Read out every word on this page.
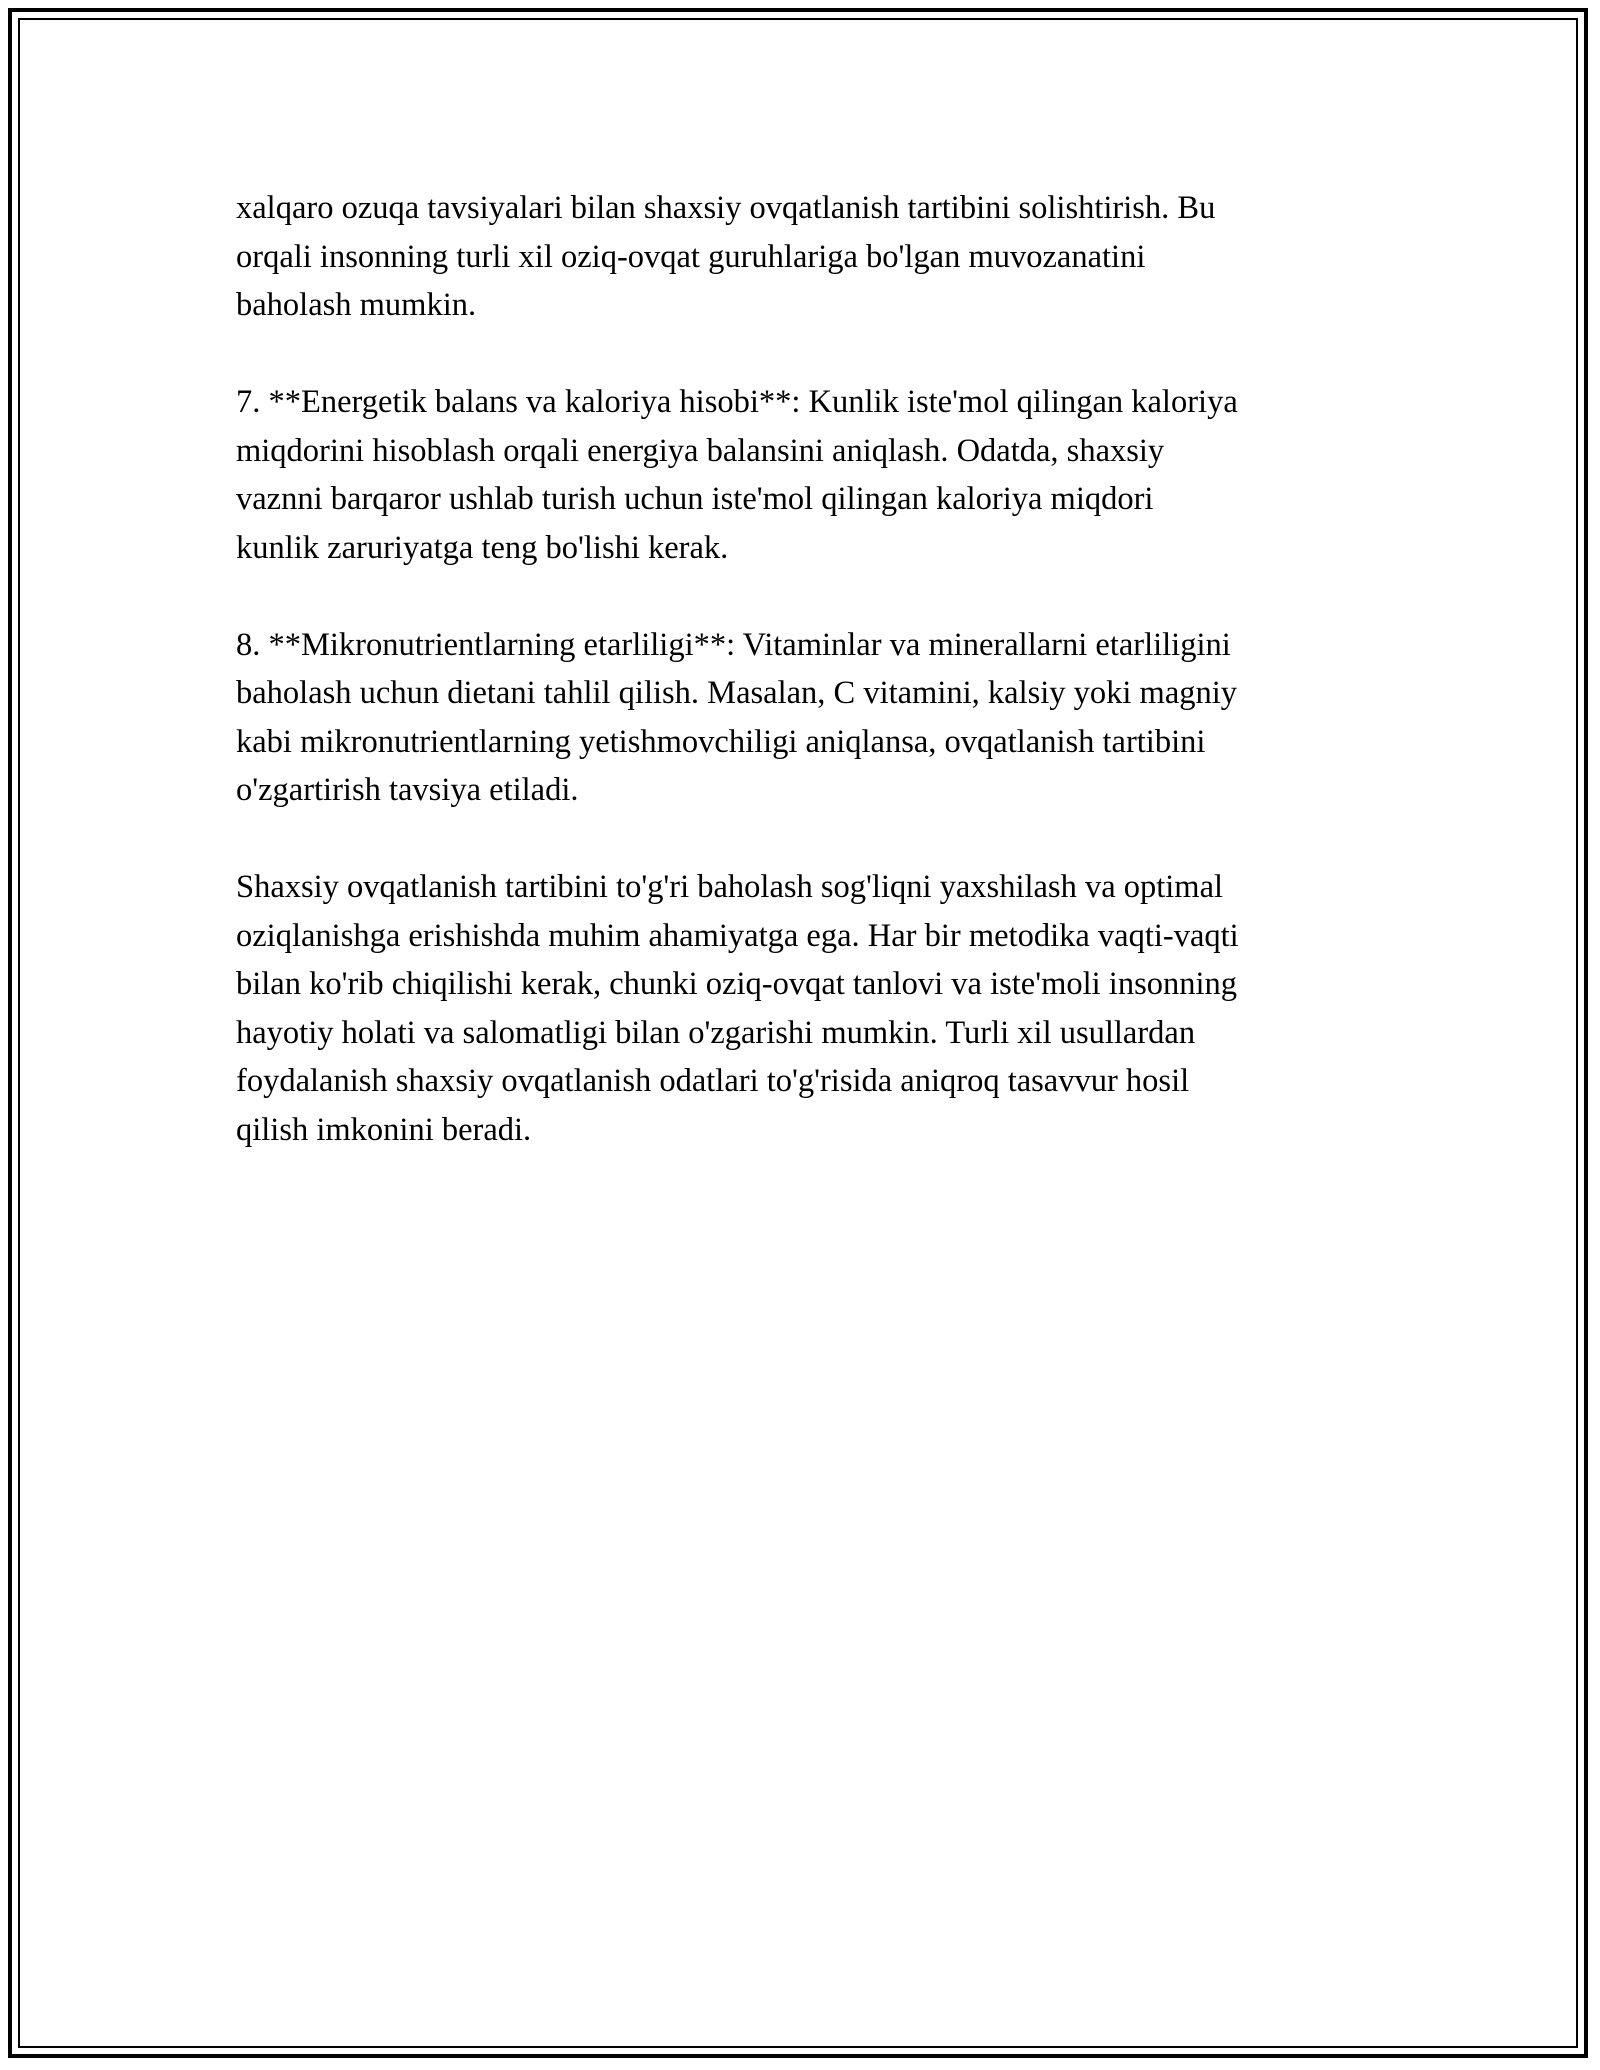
xalqaro ozuqa tavsiyalari bilan shaxsiy ovqatlanish tartibini solishtirish. Bu
orqali insonning turli xil oziq-ovqat guruhlariga bo'lgan muvozanatini
baholash mumkin.

7. **Energetik balans va kaloriya hisobi**: Kunlik iste'mol qilingan kaloriya
miqdorini hisoblash orqali energiya balansini aniqlash. Odatda, shaxsiy
vaznni barqaror ushlab turish uchun iste'mol qilingan kaloriya miqdori
kunlik zaruriyatga teng bo'lishi kerak.

8. **Mikronutrientlarning etarliligi**: Vitaminlar va minerallarni etarliligini
baholash uchun dietani tahlil qilish. Masalan, C vitamini, kalsiy yoki magniy
kabi mikronutrientlarning yetishmovchiligi aniqlansa, ovqatlanish tartibini
o'zgartirish tavsiya etiladi.

Shaxsiy ovqatlanish tartibini to'g'ri baholash sog'liqni yaxshilash va optimal
oziqlanishga erishishda muhim ahamiyatga ega. Har bir metodika vaqti-vaqti
bilan ko'rib chiqilishi kerak, chunki oziq-ovqat tanlovi va iste'moli insonning
hayotiy holati va salomatligi bilan o'zgarishi mumkin. Turli xil usullardan
foydalanish shaxsiy ovqatlanish odatlari to'g'risida aniqroq tasavvur hosil
qilish imkonini beradi.
